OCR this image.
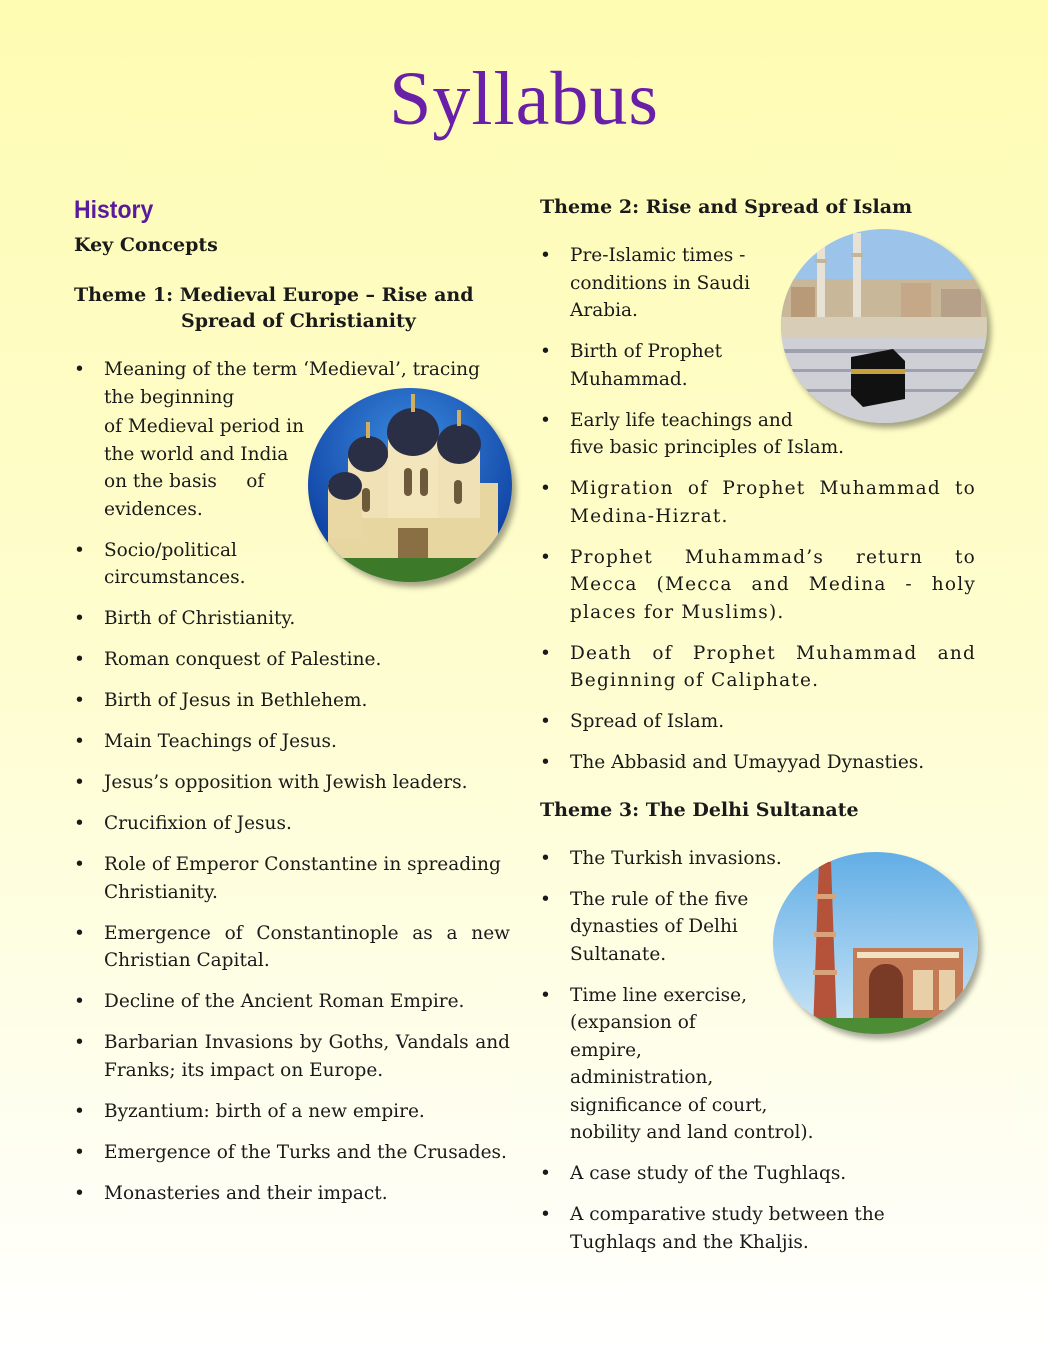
Syllabus
History
Key Concepts
Theme 1: Medieval Europe – Rise and
Spread of Christianity
• Meaning of the term ‘Medieval’, tracing
the beginning
of Medieval period in the world and India on the basis     of evidences.
• Socio/political circumstances.
• Birth of Christianity.
• Roman conquest of Palestine.
• Birth of Jesus in Bethlehem.
• Main Teachings of Jesus.
• Jesus’s opposition with Jewish leaders.
• Crucifixion of Jesus.
• Role of Emperor Constantine in spreading Christianity.
• Emergence of Constantinople as a new Christian Capital.
• Decline of the Ancient Roman Empire.
• Barbarian Invasions by Goths, Vandals and Franks; its impact on Europe.
• Byzantium: birth of a new empire.
• Emergence of the Turks and the Crusades.
• Monasteries and their impact.
Theme 2: Rise and Spread of Islam
• Pre-Islamic times - conditions in Saudi Arabia.
• Birth of Prophet Muhammad.
• Early life teachings and
five basic principles of Islam.
• Migration of Prophet Muhammad to Medina-Hizrat.
• Prophet Muhammad’s return to Mecca (Mecca and Medina - holy places for Muslims).
• Death of Prophet Muhammad and Beginning of Caliphate.
• Spread of Islam.
• The Abbasid and Umayyad Dynasties.
Theme 3: The Delhi Sultanate
• The Turkish invasions.
• The rule of the five dynasties of Delhi Sultanate.
• Time line exercise, (expansion of empire, administration,
significance of court,
nobility and land control).
• A case study of the Tughlaqs.
• A comparative study between the Tughlaqs and the Khaljis.
